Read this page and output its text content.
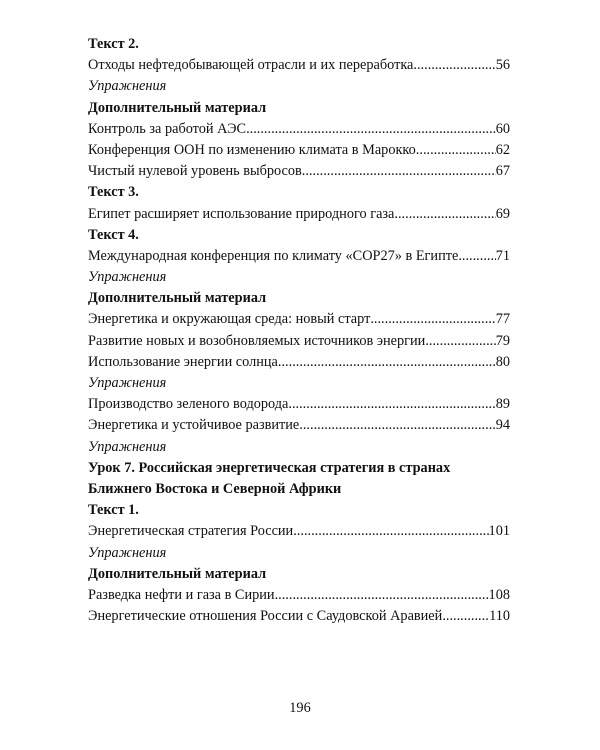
Текст 2.
Отходы нефтедобывающей отрасли и их переработка .....	56
Упражнения
Дополнительный материал
Контроль за работой АЭС .....	60
Конференция ООН по изменению климата в Марокко .....	62
Чистый нулевой уровень выбросов .....	67
Текст 3.
Египет расширяет использование природного газа .....	69
Текст 4.
Международная конференция по климату «COP27» в Египте .....	71
Упражнения
Дополнительный материал
Энергетика и окружающая среда: новый старт .....	77
Развитие новых и возобновляемых источников энергии .....	79
Использование энергии солнца .....	80
Упражнения
Производство зеленого водорода .....	89
Энергетика и устойчивое развитие .....	94
Упражнения
Урок 7. Российская энергетическая стратегия в странах
Ближнего Востока и Северной Африки
Текст 1.
Энергетическая стратегия России .....	101
Упражнения
Дополнительный материал
Разведка нефти и газа в Сирии .....	108
Энергетические отношения России с Саудовской Аравией .....	110
196
